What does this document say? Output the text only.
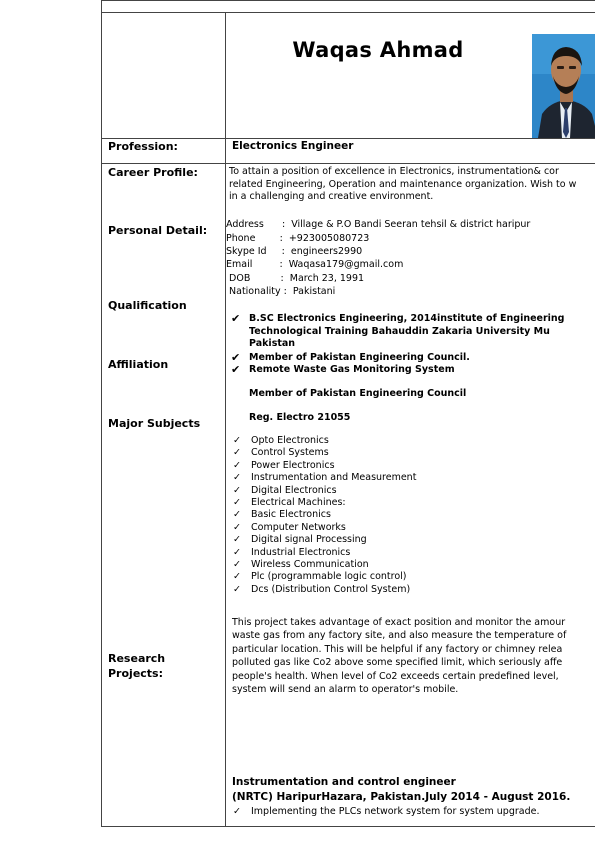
Waqas Ahmad
Profession:	Electronics Engineer
Career Profile:	To attain a position of excellence in Electronics, instrumentation& cor
related Engineering, Operation and maintenance organization. Wish to w
in a challenging and creative environment.
Personal Detail: Address      :  Village & P.O Bandi Seeran tehsil & district haripur
Phone        :  +923005080723
Skype Id     :  engineers2990
Email         :  Waqasa179@gmail.com
DOB          :  March 23, 1991
Nationality :  Pakistani
Qualification
✔ B.SC Electronics Engineering, 2014institute of Engineering
Technological Training Bahauddin Zakaria University Mu
Pakistan
Affiliation
✔ Member of Pakistan Engineering Council.
✔ Remote Waste Gas Monitoring System
Member of Pakistan Engineering Council
Reg. Electro 21055
Major Subjects
✓ Opto Electronics
✓ Control Systems
✓ Power Electronics
✓ Instrumentation and Measurement
✓ Digital Electronics
✓ Electrical Machines:
✓ Basic Electronics
✓ Computer Networks
✓ Digital signal Processing
✓ Industrial Electronics
✓ Wireless Communication
✓ Plc (programmable logic control)
✓ Dcs (Distribution Control System)
Research
Projects:
This project takes advantage of exact position and monitor the amour
waste gas from any factory site, and also measure the temperature of
particular location. This will be helpful if any factory or chimney relea
polluted gas like Co2 above some specified limit, which seriously affe
people's health. When level of Co2 exceeds certain predefined level,
system will send an alarm to operator's mobile.
Instrumentation and control engineer
(NRTC) HaripurHazara, Pakistan.July 2014 - August 2016.
✓ Implementing the PLCs network system for system upgrade.
